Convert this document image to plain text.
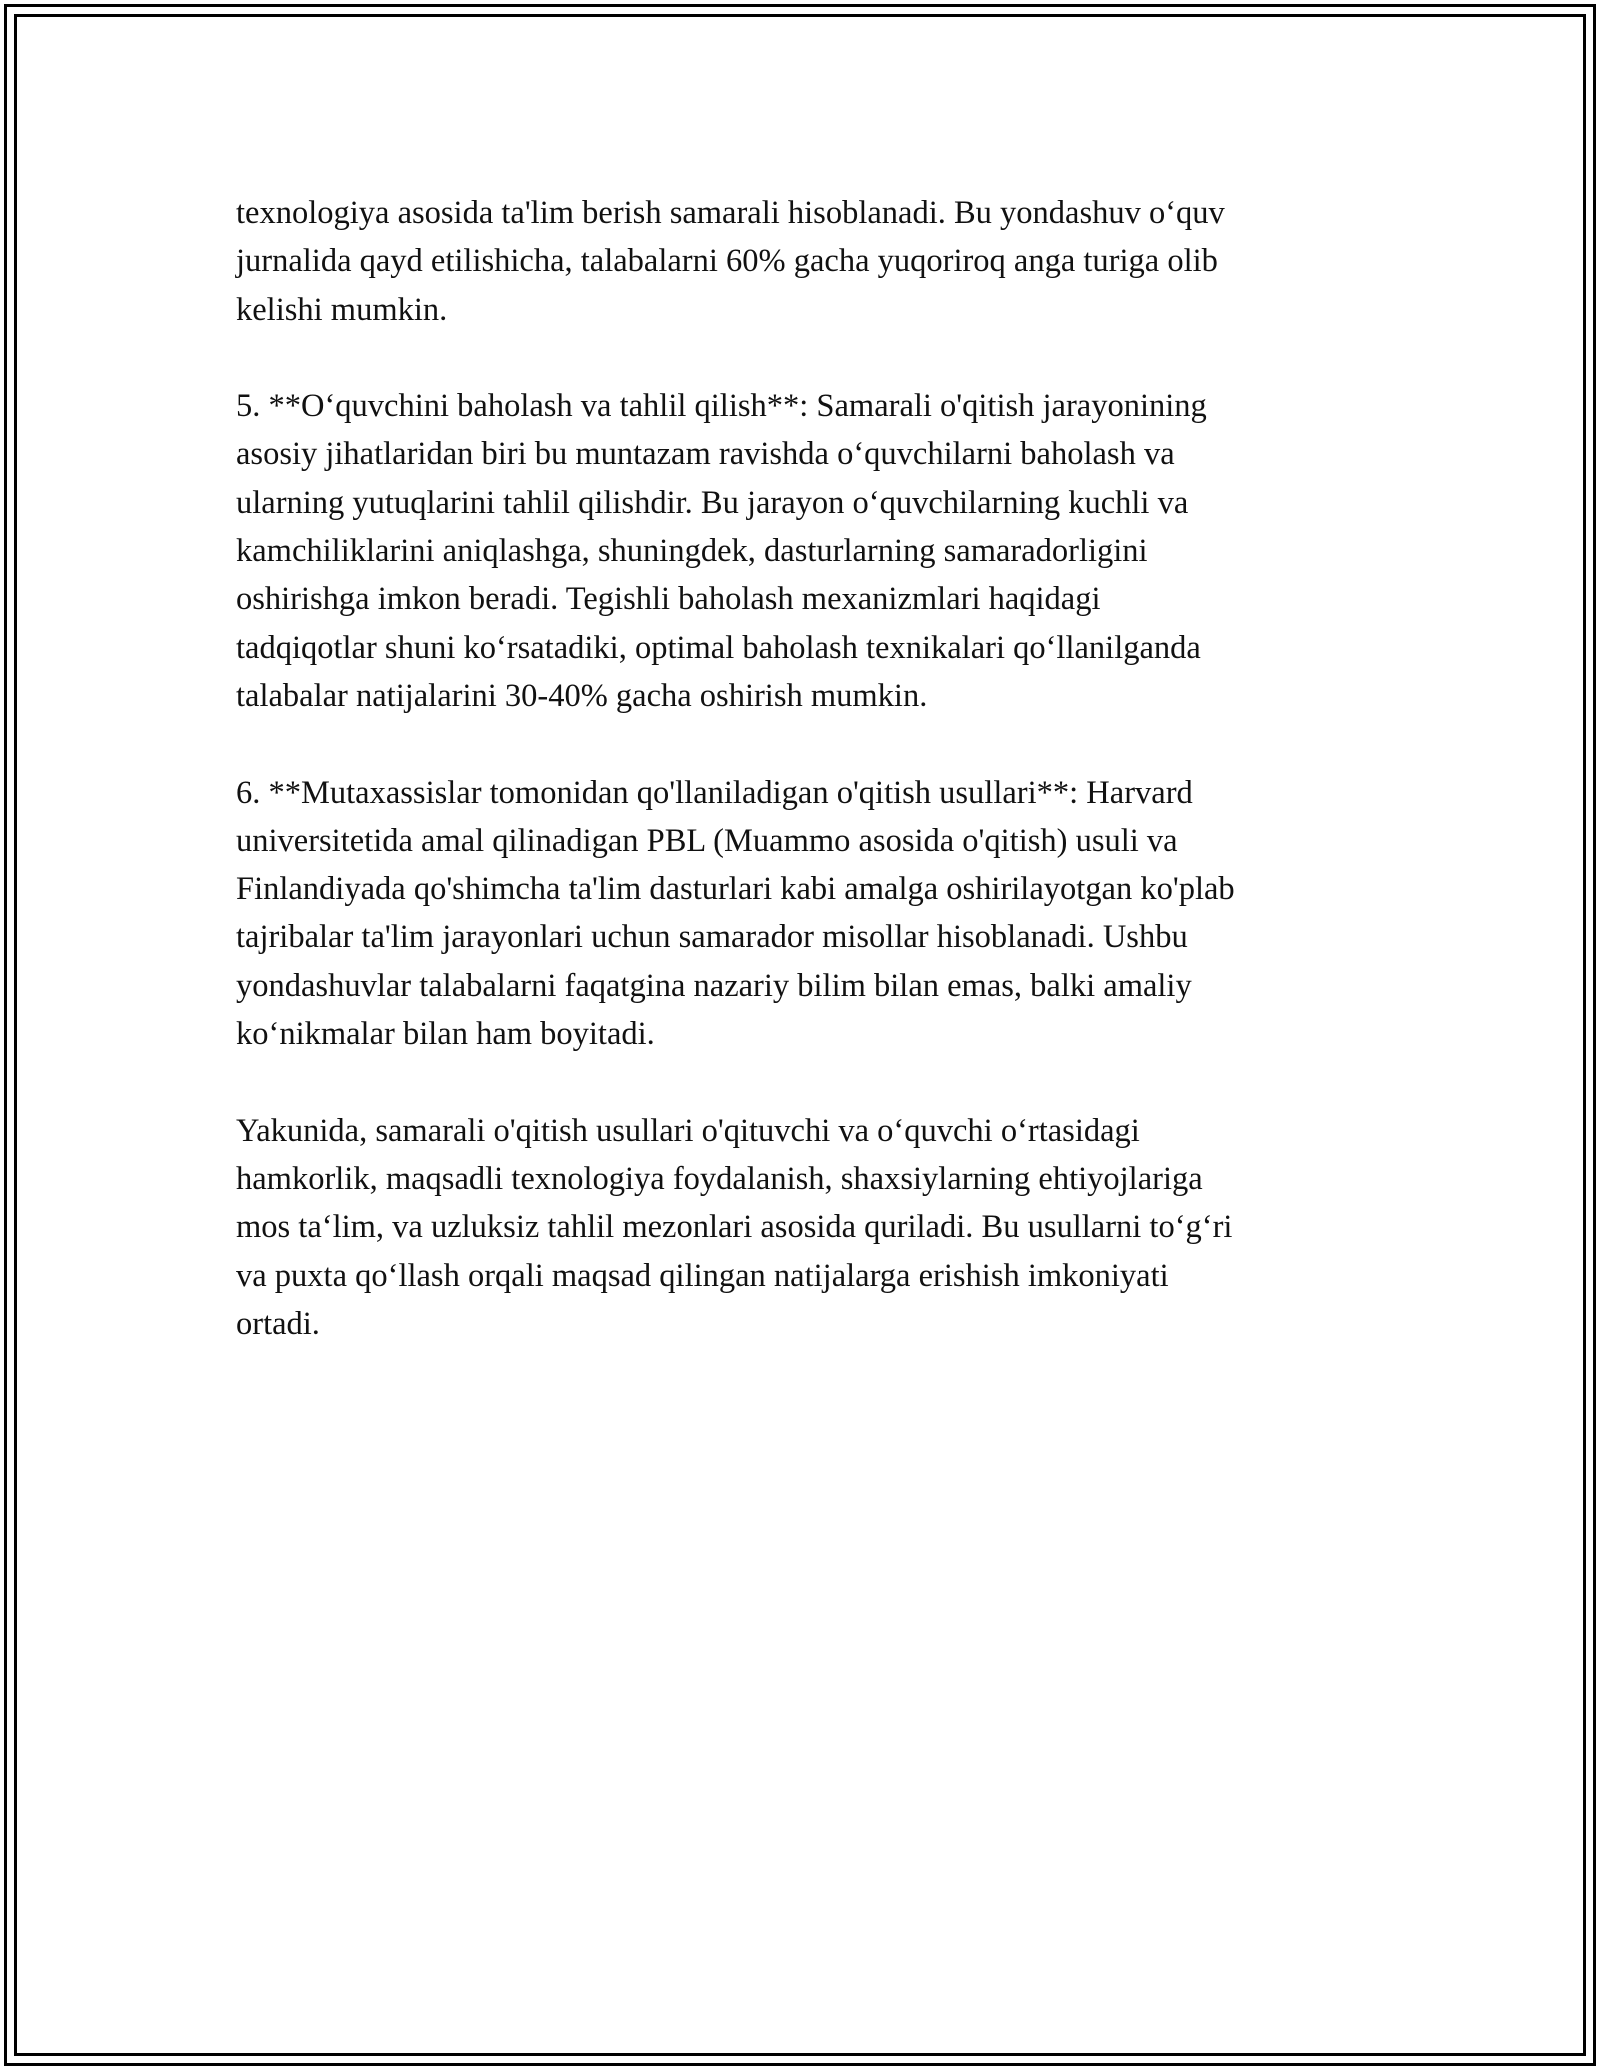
texnologiya asosida ta'lim berish samarali hisoblanadi. Bu yondashuv o‘quv
jurnalida qayd etilishicha, talabalarni 60% gacha yuqoriroq anga turiga olib
kelishi mumkin.

5. **O‘quvchini baholash va tahlil qilish**: Samarali o'qitish jarayonining
asosiy jihatlaridan biri bu muntazam ravishda o‘quvchilarni baholash va
ularning yutuqlarini tahlil qilishdir. Bu jarayon o‘quvchilarning kuchli va
kamchiliklarini aniqlashga, shuningdek, dasturlarning samaradorligini
oshirishga imkon beradi. Tegishli baholash mexanizmlari haqidagi
tadqiqotlar shuni ko‘rsatadiki, optimal baholash texnikalari qo‘llanilganda
talabalar natijalarini 30-40% gacha oshirish mumkin.

6. **Mutaxassislar tomonidan qo'llaniladigan o'qitish usullari**: Harvard
universitetida amal qilinadigan PBL (Muammo asosida o'qitish) usuli va
Finlandiyada qo'shimcha ta'lim dasturlari kabi amalga oshirilayotgan ko'plab
tajribalar ta'lim jarayonlari uchun samarador misollar hisoblanadi. Ushbu
yondashuvlar talabalarni faqatgina nazariy bilim bilan emas, balki amaliy
ko‘nikmalar bilan ham boyitadi.

Yakunida, samarali o'qitish usullari o'qituvchi va o‘quvchi o‘rtasidagi
hamkorlik, maqsadli texnologiya foydalanish, shaxsiylarning ehtiyojlariga
mos ta‘lim, va uzluksiz tahlil mezonlari asosida quriladi. Bu usullarni to‘g‘ri
va puxta qo‘llash orqali maqsad qilingan natijalarga erishish imkoniyati
ortadi.
